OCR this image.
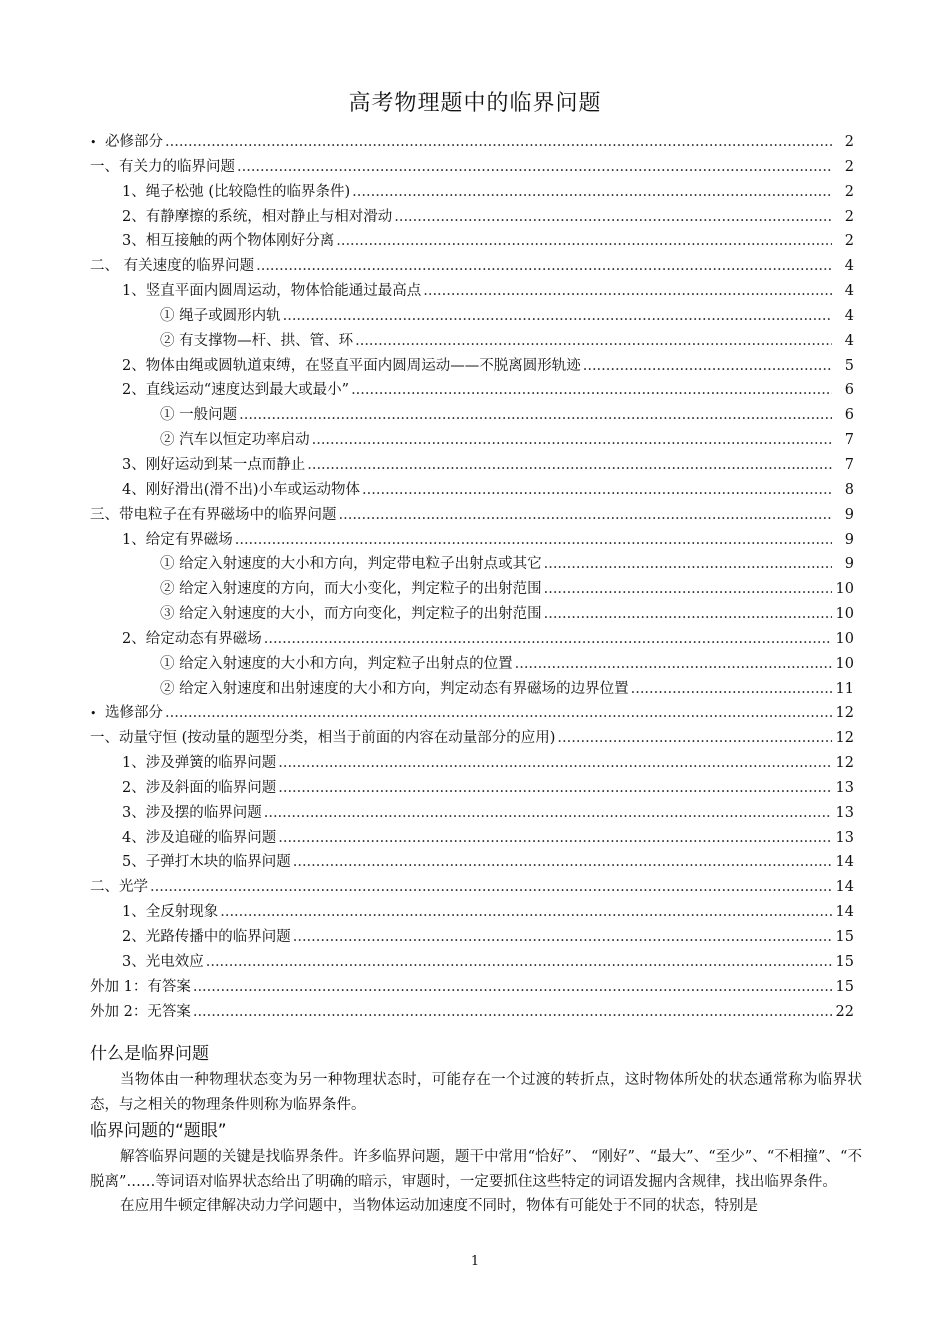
高考物理题中的临界问题
• 必修部分 .....	2
一、有关力的临界问题 .....	2
1、绳子松弛 (比较隐性的临界条件) .....	2
2、有静摩擦的系统，相对静止与相对滑动 .....	2
3、相互接触的两个物体刚好分离 .....	2
二、 有关速度的临界问题 .....	4
1、竖直平面内圆周运动，物体恰能通过最高点 .....	4
① 绳子或圆形内轨 .....	4
② 有支撑物—杆、拱、管、环 .....	4
2、物体由绳或圆轨道束缚，在竖直平面内圆周运动——不脱离圆形轨迹 .....	5
2、直线运动“速度达到最大或最小” .....	6
① 一般问题 .....	6
② 汽车以恒定功率启动 .....	7
3、刚好运动到某一点而静止 .....	7
4、刚好滑出(滑不出)小车或运动物体 .....	8
三、带电粒子在有界磁场中的临界问题 .....	9
1、给定有界磁场 .....	9
① 给定入射速度的大小和方向，判定带电粒子出射点或其它 .....	9
② 给定入射速度的方向，而大小变化，判定粒子的出射范围 .....	10
③ 给定入射速度的大小，而方向变化，判定粒子的出射范围 .....	10
2、给定动态有界磁场 .....	10
① 给定入射速度的大小和方向，判定粒子出射点的位置 .....	10
② 给定入射速度和出射速度的大小和方向，判定动态有界磁场的边界位置 .....	11
• 选修部分 .....	12
一、动量守恒 (按动量的题型分类，相当于前面的内容在动量部分的应用) .....	12
1、涉及弹簧的临界问题 .....	12
2、涉及斜面的临界问题 .....	13
3、涉及摆的临界问题 .....	13
4、涉及追碰的临界问题 .....	13
5、子弹打木块的临界问题 .....	14
二、光学 .....	14
1、全反射现象 .....	14
2、光路传播中的临界问题 .....	15
3、光电效应 .....	15
外加 1：有答案 .....	15
外加 2：无答案 .....	22
什么是临界问题

当物体由一种物理状态变为另一种物理状态时，可能存在一个过渡的转折点，这时物体所处的状态通常称为临界状态，与之相关的物理条件则称为临界条件。

临界问题的“题眼”

解答临界问题的关键是找临界条件。许多临界问题，题干中常用“恰好”、 “刚好”、“最大”、“至少”、“不相撞”、“不脱离”……等词语对临界状态给出了明确的暗示，审题时，一定要抓住这些特定的词语发掘内含规律，找出临界条件。

在应用牛顿定律解决动力学问题中，当物体运动加速度不同时，物体有可能处于不同的状态，特别是

1
